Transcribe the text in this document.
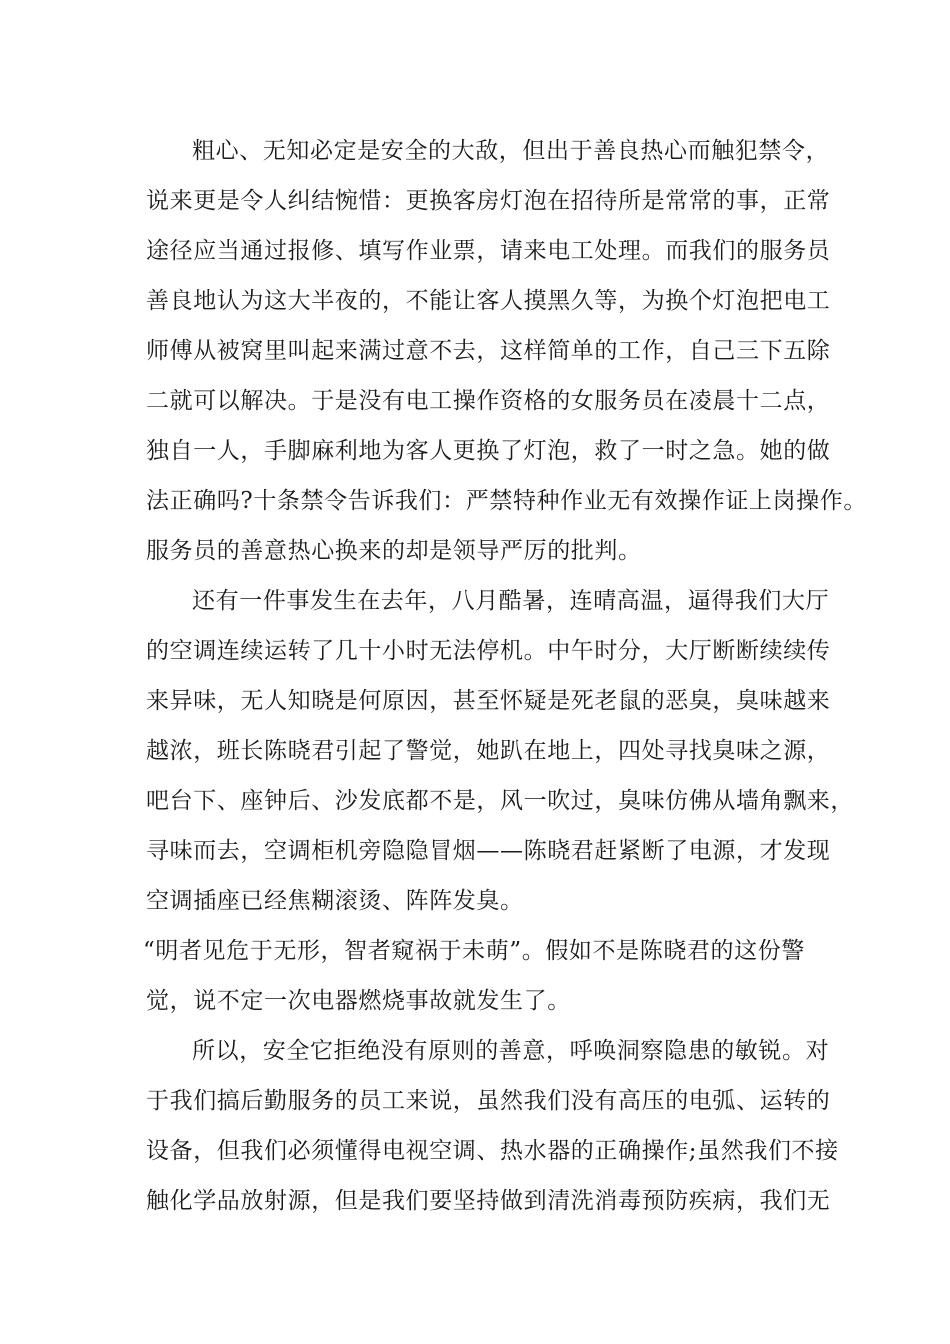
粗心、无知必定是安全的大敌，但出于善良热心而触犯禁令，

说来更是令人纠结惋惜：更换客房灯泡在招待所是常常的事，正常

途径应当通过报修、填写作业票，请来电工处理。而我们的服务员

善良地认为这大半夜的，不能让客人摸黑久等，为换个灯泡把电工

师傅从被窝里叫起来满过意不去，这样简单的工作，自己三下五除

二就可以解决。于是没有电工操作资格的女服务员在凌晨十二点，

独自一人，手脚麻利地为客人更换了灯泡，救了一时之急。她的做

法正确吗?十条禁令告诉我们：严禁特种作业无有效操作证上岗操作。

服务员的善意热心换来的却是领导严厉的批判。

还有一件事发生在去年，八月酷暑，连晴高温，逼得我们大厅

的空调连续运转了几十小时无法停机。中午时分，大厅断断续续传

来异味，无人知晓是何原因，甚至怀疑是死老鼠的恶臭，臭味越来

越浓，班长陈晓君引起了警觉，她趴在地上，四处寻找臭味之源，

吧台下、座钟后、沙发底都不是，风一吹过，臭味仿佛从墙角飘来，

寻味而去，空调柜机旁隐隐冒烟——陈晓君赶紧断了电源，才发现

空调插座已经焦糊滚烫、阵阵发臭。

“明者见危于无形，智者窥祸于未萌”。假如不是陈晓君的这份警

觉，说不定一次电器燃烧事故就发生了。

所以，安全它拒绝没有原则的善意，呼唤洞察隐患的敏锐。对

于我们搞后勤服务的员工来说，虽然我们没有高压的电弧、运转的

设备，但我们必须懂得电视空调、热水器的正确操作;虽然我们不接

触化学品放射源，但是我们要坚持做到清洗消毒预防疾病，我们无
